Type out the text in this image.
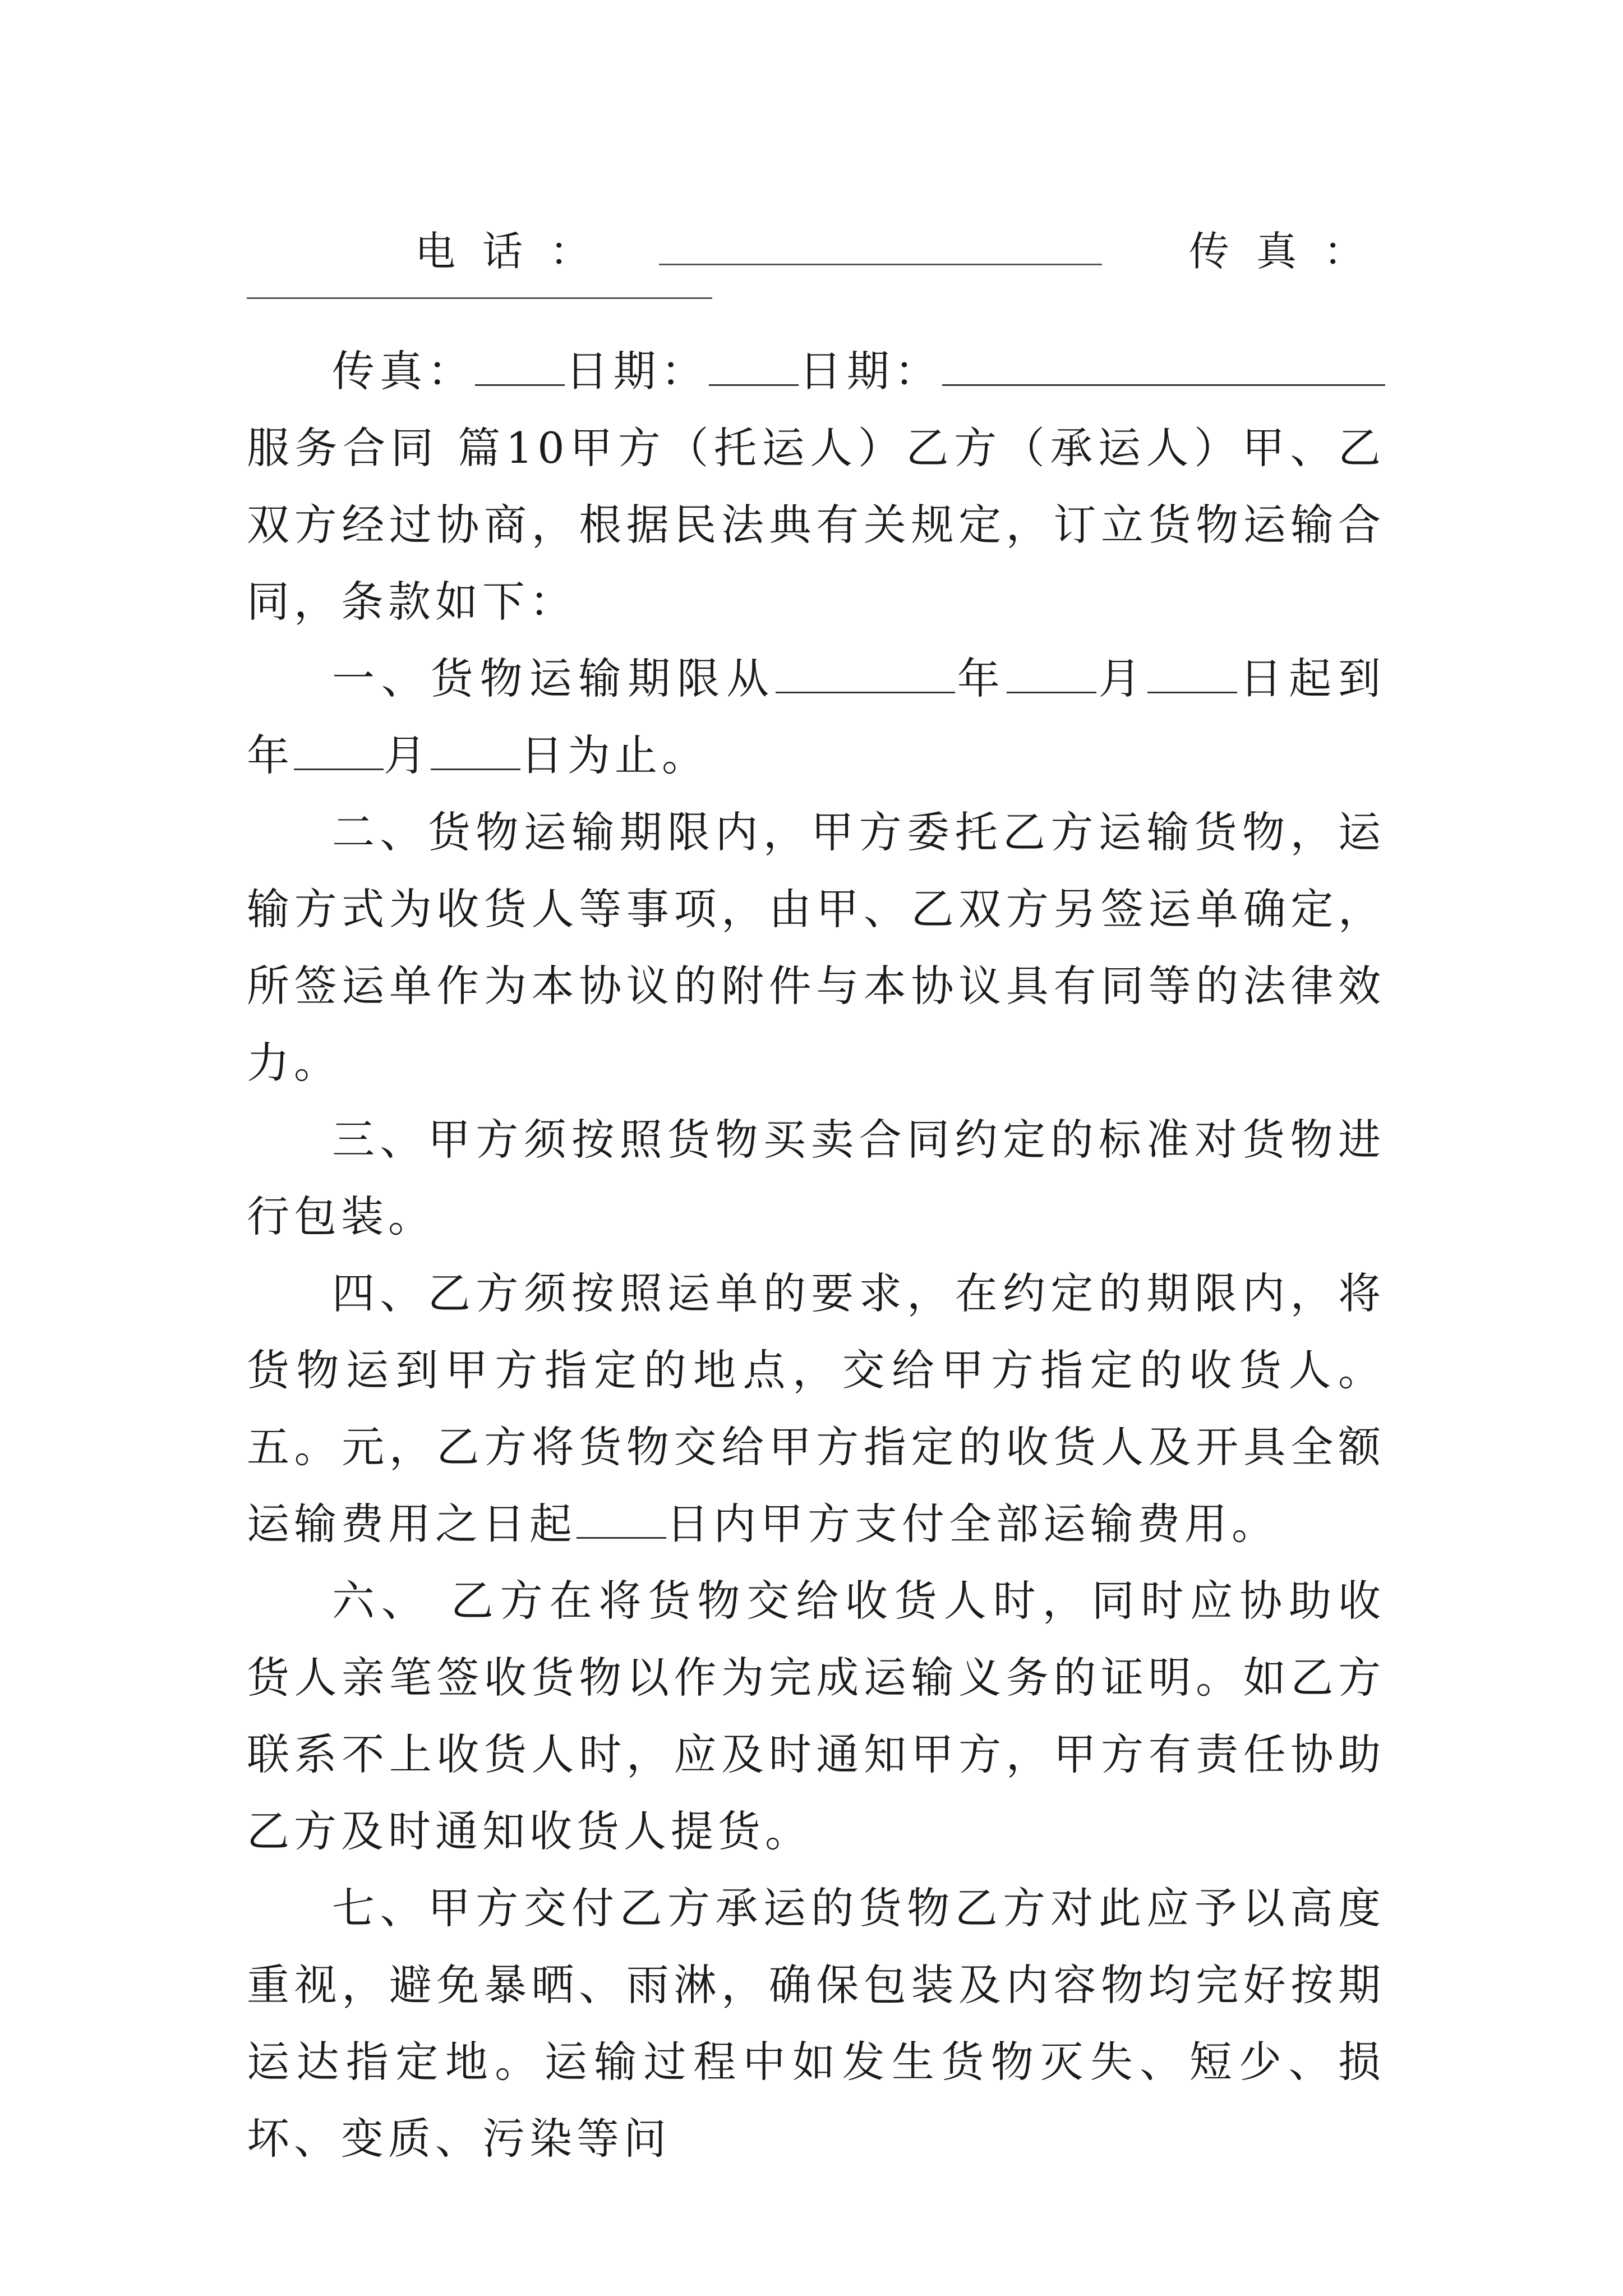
电话：	传真：

传真： 日期： 日期：服务合同 篇10甲方（托运人）乙方（承运人）甲、乙双方经过协商，根据民法典有关规定，订立货物运输合同，条款如下：

一、货物运输期限从	年 月 日起到年 月 日为止。

二、货物运输期限内，甲方委托乙方运输货物，运输方式为收货人等事项，由甲、乙双方另签运单确定，所签运单作为本协议的附件与本协议具有同等的法律效力。

三、甲方须按照货物买卖合同约定的标准对货物进行包装。

四、乙方须按照运单的要求，在约定的期限内，将货物运到甲方指定的地点，交给甲方指定的收货人。五。元，乙方将货物交给甲方指定的收货人及开具全额运输费用之日起 日内甲方支付全部运输费用。

六、 乙方在将货物交给收货人时，同时应协助收货人亲笔签收货物以作为完成运输义务的证明。如乙方联系不上收货人时，应及时通知甲方，甲方有责任协助乙方及时通知收货人提货。

七、甲方交付乙方承运的货物乙方对此应予以高度重视，避免暴晒、雨淋，确保包装及内容物均完好按期运达指定地。运输过程中如发生货物灭失、短少、损坏、变质、污染等问
